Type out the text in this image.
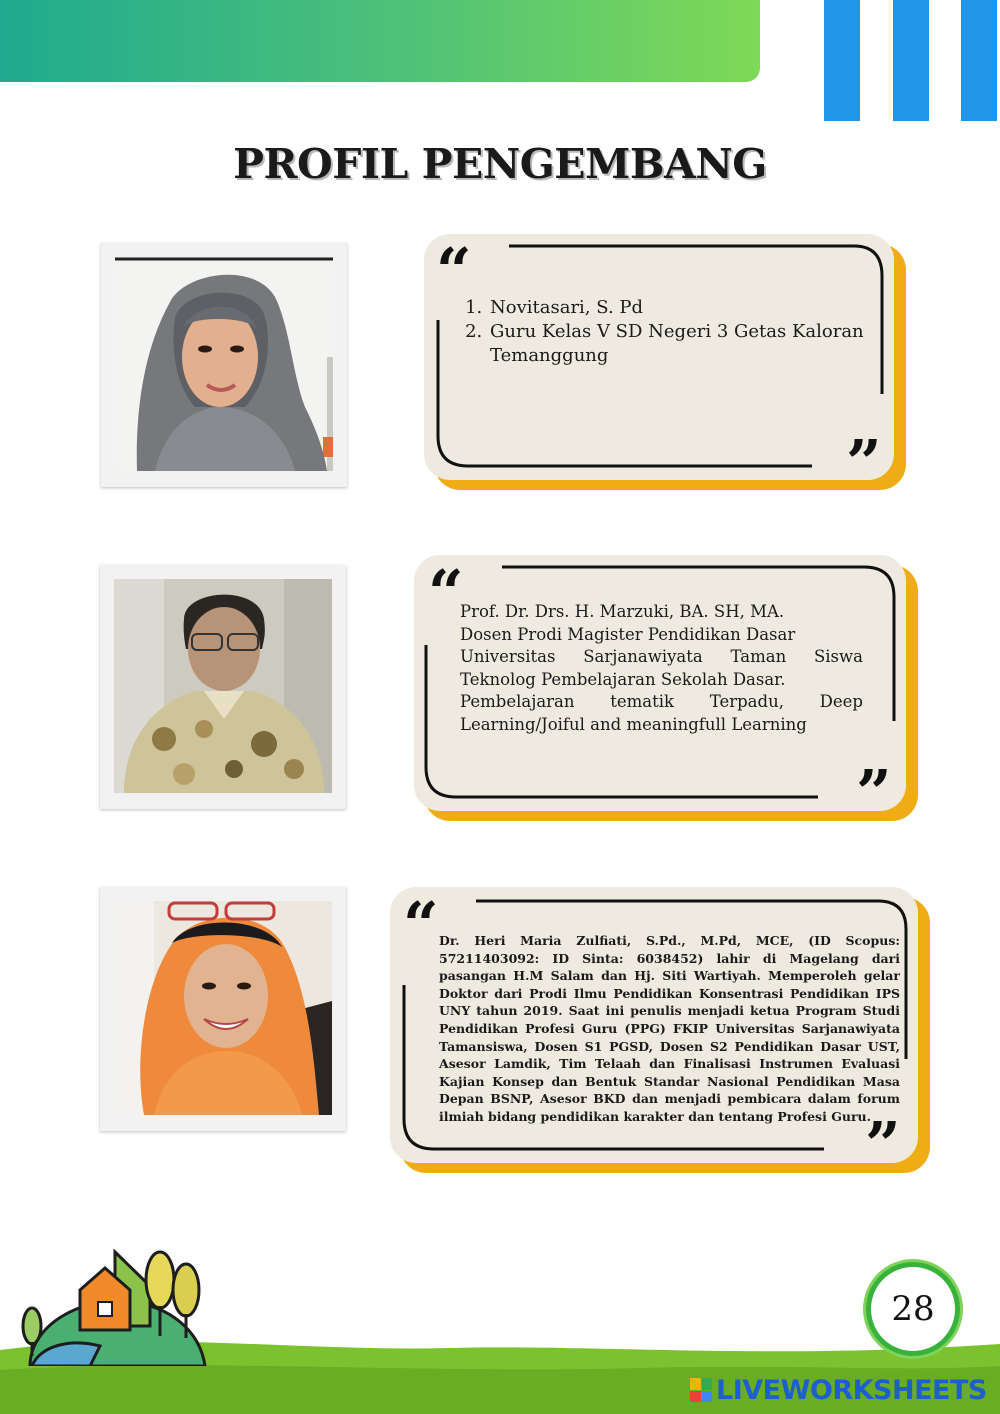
PROFIL PENGEMBANG
“
”
1. Novitasari, S. Pd
2. Guru Kelas V SD Negeri 3 Getas Kaloran Temanggung
“
”

Prof. Dr. Drs. H. Marzuki, BA. SH, MA.

Dosen Prodi Magister Pendidikan Dasar

Universitas Sarjanawiyata Taman Siswa

Teknolog Pembelajaran Sekolah Dasar.

Pembelajaran tematik Terpadu, Deep

Learning/Joiful and meaningfull Learning

“
”
Dr. Heri Maria Zulfiati, S.Pd., M.Pd, MCE, (ID Scopus: 57211403092: ID Sinta: 6038452) lahir di Magelang dari pasangan H.M Salam dan Hj. Siti Wartiyah. Memperoleh gelar Doktor dari Prodi Ilmu Pendidikan Konsentrasi Pendidikan IPS UNY tahun 2019. Saat ini penulis menjadi ketua Program Studi Pendidikan Profesi Guru (PPG) FKIP Universitas Sarjanawiyata Tamansiswa, Dosen S1 PGSD, Dosen S2 Pendidikan Dasar UST, Asesor Lamdik, Tim Telaah dan Finalisasi Instrumen Evaluasi Kajian Konsep dan Bentuk Standar Nasional Pendidikan Masa Depan BSNP, Asesor BKD dan menjadi pembicara dalam forum ilmiah bidang pendidikan karakter dan tentang Profesi Guru.
28
LIVEWORKSHEETS
